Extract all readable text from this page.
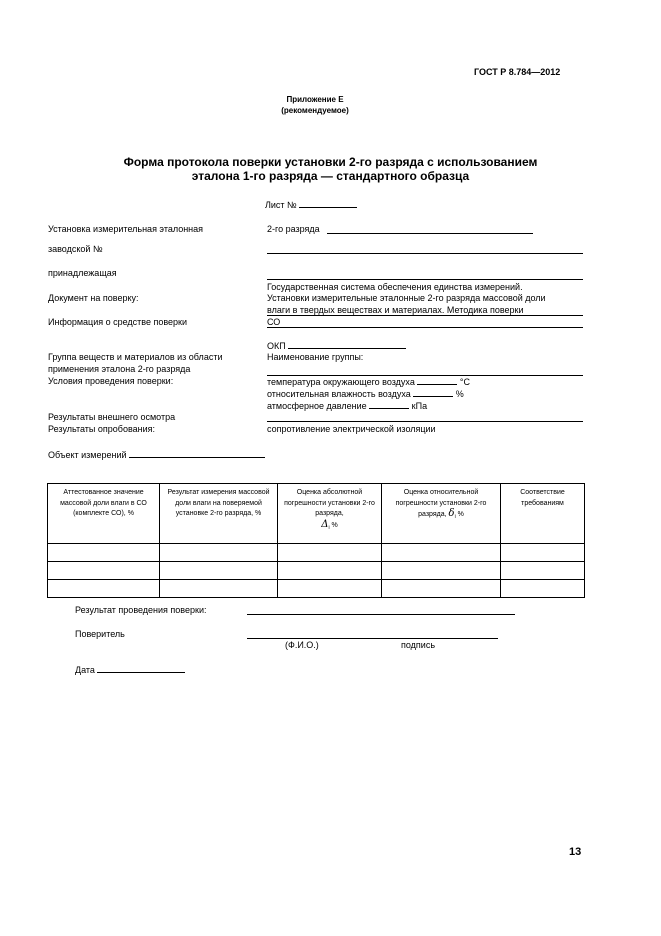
ГОСТ Р 8.784—2012
Приложение Е
(рекомендуемое)
Форма протокола поверки установки 2-го разряда с использованием
эталона 1-го разряда — стандартного образца
Лист №
Установка измерительная эталонная	2-го разряда
заводской №
принадлежащая
Государственная система обеспечения единства измерений.
Документ на поверку:	Установки измерительные эталонные 2-го разряда массовой доли
влаги в твердых веществах и материалах. Методика поверки
Информация о средстве поверки	СО
ОКП
Группа веществ и материалов из области	Наименование группы:
применения эталона 2-го разряда
Условия проведения поверки:	температура окружающего воздуха	°С
относительная влажность воздуха	%
атмосферное давление	кПа
Результаты внешнего осмотра
Результаты опробования:	сопротивление электрической изоляции
Объект измерений
Аттестованное значение массовой доли влаги в СО (комплекте СО), %	Результат измерения массовой доли влаги на поверяемой установке 2-го разряда, %	Оценка абсолютной погрешности установки 2-го разряда,
$\Delta_i$ %	Оценка относительной погрешности установки 2-го разряда, $\delta_i$ %	Соответствие требованиям

Результат проведения поверки:
Поверитель
(Ф.И.О.)	подпись
Дата
13
